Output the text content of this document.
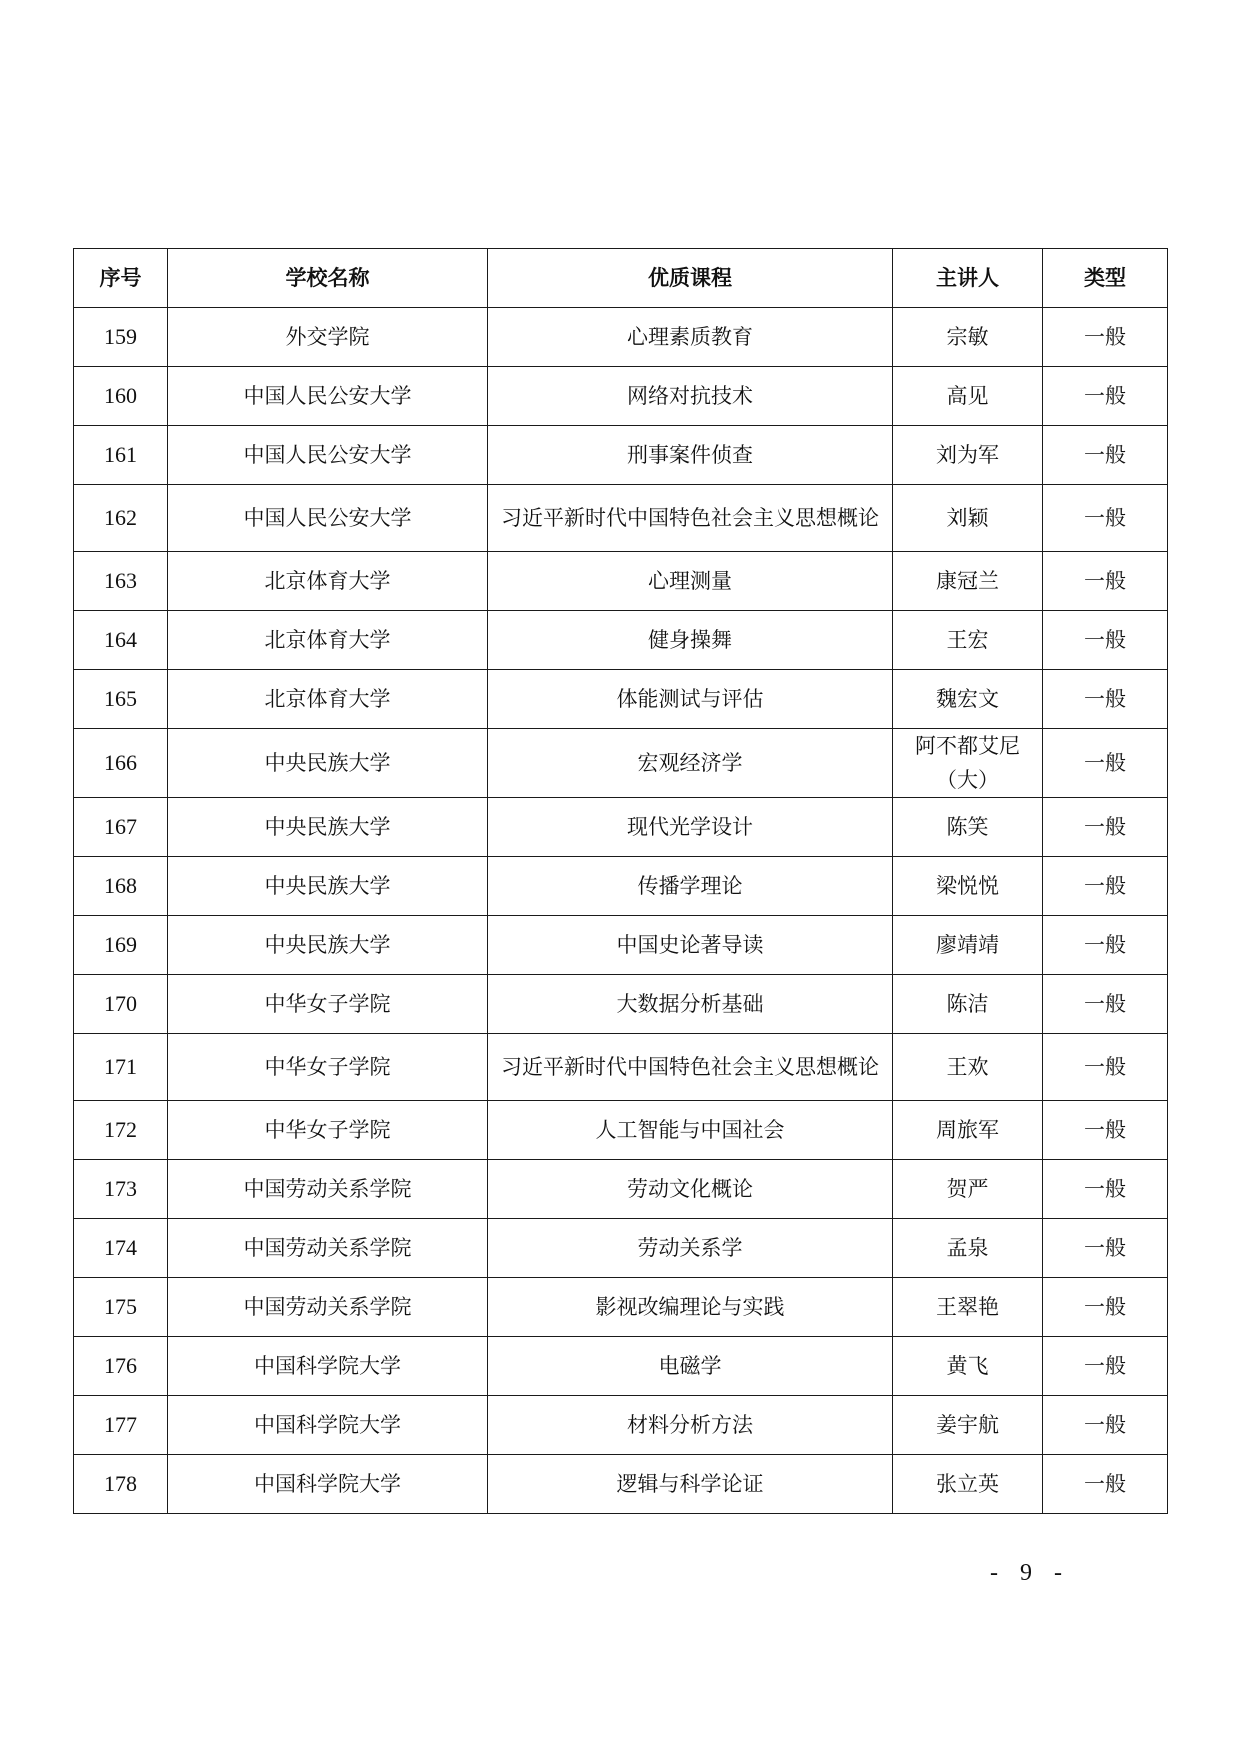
序号	学校名称	优质课程	主讲人	类型
159	外交学院	心理素质教育	宗敏	一般
160	中国人民公安大学	网络对抗技术	高见	一般
161	中国人民公安大学	刑事案件侦查	刘为军	一般
162	中国人民公安大学	习近平新时代中国特色社会主义思想概论	刘颖	一般
163	北京体育大学	心理测量	康冠兰	一般
164	北京体育大学	健身操舞	王宏	一般
165	北京体育大学	体能测试与评估	魏宏文	一般
166	中央民族大学	宏观经济学	阿不都艾尼（大）	一般
167	中央民族大学	现代光学设计	陈笑	一般
168	中央民族大学	传播学理论	梁悦悦	一般
169	中央民族大学	中国史论著导读	廖靖靖	一般
170	中华女子学院	大数据分析基础	陈洁	一般
171	中华女子学院	习近平新时代中国特色社会主义思想概论	王欢	一般
172	中华女子学院	人工智能与中国社会	周旅军	一般
173	中国劳动关系学院	劳动文化概论	贺严	一般
174	中国劳动关系学院	劳动关系学	孟泉	一般
175	中国劳动关系学院	影视改编理论与实践	王翠艳	一般
176	中国科学院大学	电磁学	黄飞	一般
177	中国科学院大学	材料分析方法	姜宇航	一般
178	中国科学院大学	逻辑与科学论证	张立英	一般
- 9 -
